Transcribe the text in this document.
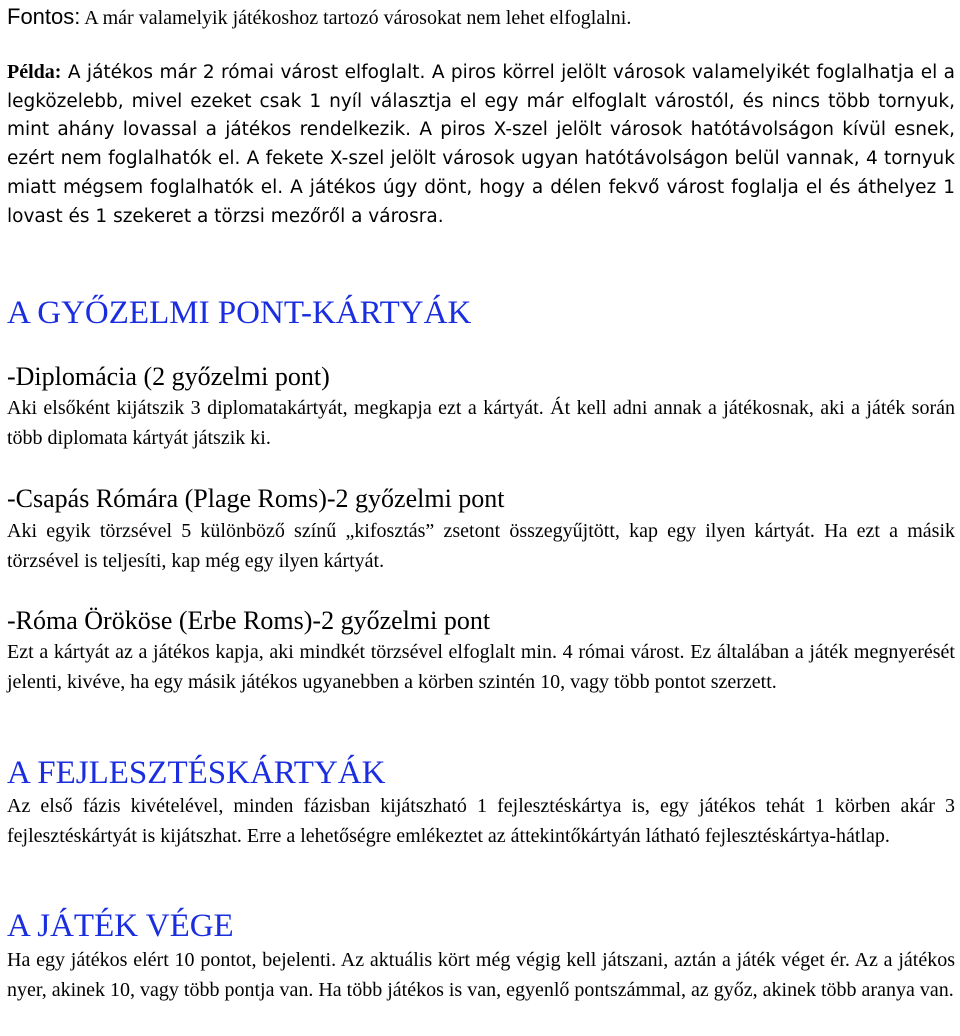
Fontos: A már valamelyik játékoshoz tartozó városokat nem lehet elfoglalni.
Példa: A játékos már 2 római várost elfoglalt. A piros körrel jelölt városok valamelyikét foglalhatja el a legközelebb, mivel ezeket csak 1 nyíl választja el egy már elfoglalt várostól, és nincs több tornyuk, mint ahány lovassal a játékos rendelkezik. A piros X-szel jelölt városok hatótávolságon kívül esnek, ezért nem foglalhatók el. A fekete X-szel jelölt városok ugyan hatótávolságon belül vannak, 4 tornyuk miatt mégsem foglalhatók el. A játékos úgy dönt, hogy a délen fekvő várost foglalja el és áthelyez 1 lovast és 1 szekeret a törzsi mezőről a városra.
A GYŐZELMI PONT-KÁRTYÁK
-Diplomácia (2 győzelmi pont)
Aki elsőként kijátszik 3 diplomatakártyát, megkapja ezt a kártyát. Át kell adni annak a játékosnak, aki a játék során több diplomata kártyát játszik ki.
-Csapás Rómára (Plage Roms)-2 győzelmi pont
Aki egyik törzsével 5 különböző színű „kifosztás” zsetont összegyűjtött, kap egy ilyen kártyát. Ha ezt a másik törzsével is teljesíti, kap még egy ilyen kártyát.
-Róma Örököse (Erbe Roms)-2 győzelmi pont
Ezt a kártyát az a játékos kapja, aki mindkét törzsével elfoglalt min. 4 római várost. Ez általában a játék megnyerését jelenti, kivéve, ha egy másik játékos ugyanebben a körben szintén 10, vagy több pontot szerzett.
A FEJLESZTÉSKÁRTYÁK
Az első fázis kivételével, minden fázisban kijátszható 1 fejlesztéskártya is, egy játékos tehát 1 körben akár 3 fejlesztéskártyát is kijátszhat. Erre a lehetőségre emlékeztet az áttekintőkártyán látható fejlesztéskártya-hátlap.
A JÁTÉK VÉGE
Ha egy játékos elért 10 pontot, bejelenti. Az aktuális kört még végig kell játszani, aztán a játék véget ér. Az a játékos nyer, akinek 10, vagy több pontja van. Ha több játékos is van, egyenlő pontszámmal, az győz, akinek több aranya van.
